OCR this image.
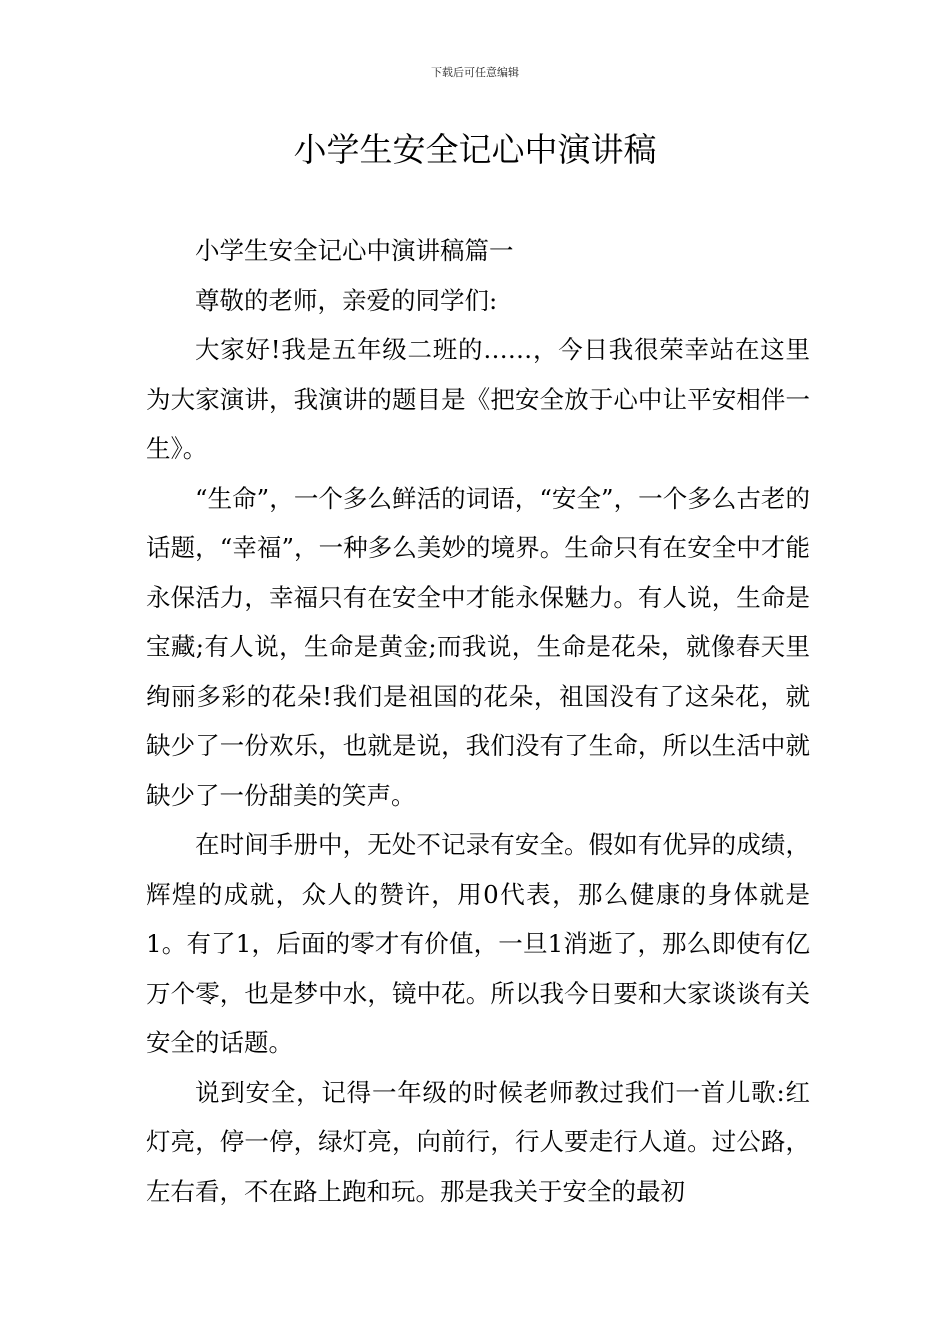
下载后可任意编辑
小学生安全记心中演讲稿

小学生安全记心中演讲稿篇一

尊敬的老师，亲爱的同学们:

大家好!我是五年级二班的……，今日我很荣幸站在这里为大家演讲，我演讲的题目是《把安全放于心中让平安相伴一生》。

“生命”，一个多么鲜活的词语，“安全”，一个多么古老的话题，“幸福”，一种多么美妙的境界。生命只有在安全中才能永保活力，幸福只有在安全中才能永保魅力。有人说，生命是宝藏;有人说，生命是黄金;而我说，生命是花朵，就像春天里绚丽多彩的花朵!我们是祖国的花朵，祖国没有了这朵花，就缺少了一份欢乐，也就是说，我们没有了生命，所以生活中就缺少了一份甜美的笑声。

在时间手册中，无处不记录有安全。假如有优异的成绩，辉煌的成就，众人的赞许，用0代表，那么健康的身体就是1。有了1，后面的零才有价值，一旦1消逝了，那么即使有亿万个零，也是梦中水，镜中花。所以我今日要和大家谈谈有关安全的话题。

说到安全，记得一年级的时候老师教过我们一首儿歌:红灯亮，停一停，绿灯亮，向前行，行人要走行人道。过公路，左右看，不在路上跑和玩。那是我关于安全的最初
